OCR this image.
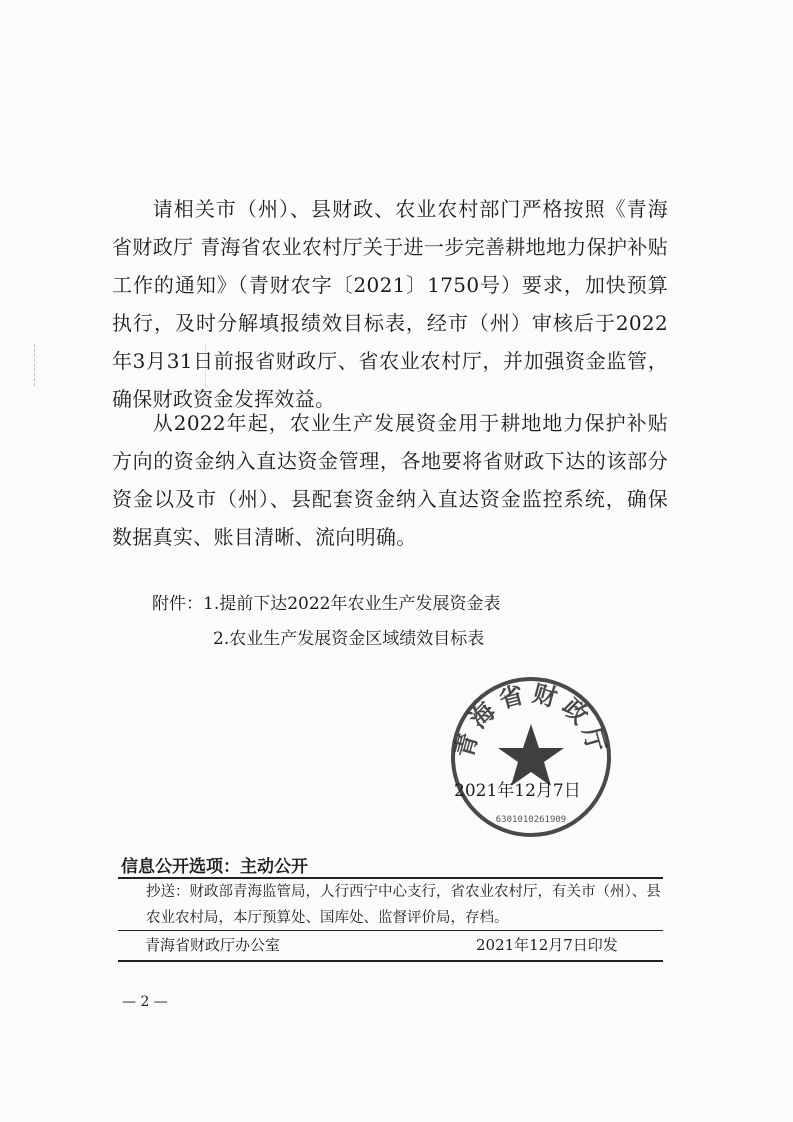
请相关市（州）、县财政、农业农村部门严格按照《青海省财政厅 青海省农业农村厅关于进一步完善耕地地力保护补贴工作的通知》（青财农字〔2021〕1750号）要求，加快预算执行，及时分解填报绩效目标表，经市（州）审核后于2022年3月31日前报省财政厅、省农业农村厅，并加强资金监管，确保财政资金发挥效益。

从2022年起，农业生产发展资金用于耕地地力保护补贴方向的资金纳入直达资金管理，各地要将省财政下达的该部分资金以及市（州）、县配套资金纳入直达资金监控系统，确保数据真实、账目清晰、流向明确。

附件：1.提前下达2022年农业生产发展资金表
2.农业生产发展资金区域绩效目标表
青海省财政厅
6301010261909
2021年12月7日
信息公开选项：主动公开
抄送：财政部青海监管局，人行西宁中心支行，省农业农村厅，有关市（州）、县农业农村局，本厅预算处、国库处、监督评价局，存档。
青海省财政厅办公室	2021年12月7日印发
— 2 —
